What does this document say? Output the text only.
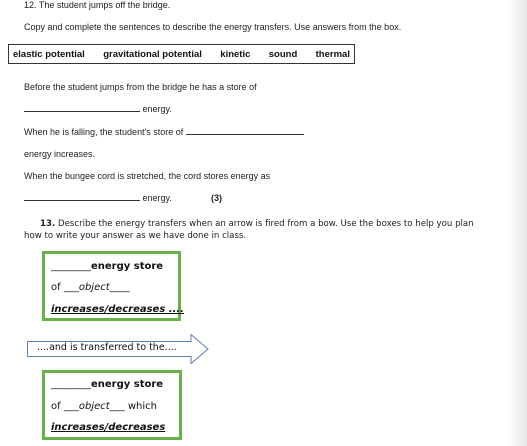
12. The student jumps off the bridge.
Copy and complete the sentences to describe the energy transfers. Use answers from the box.
elastic potential gravitational potential kinetic sound thermal
Before the student jumps from the bridge he has a store of
energy.
When he is falling, the student's store of
energy increases.
When the bungee cord is stretched, the cord stores energy as
energy.	(3)
13. Describe the energy transfers when an arrow is fired from a bow. Use the boxes to help you plan
how to write your answer as we have done in class.
________energy store
of ___object____
increases/decreases ....
....and is transferred to the....
________energy store
of ___object___ which
increases/decreases
